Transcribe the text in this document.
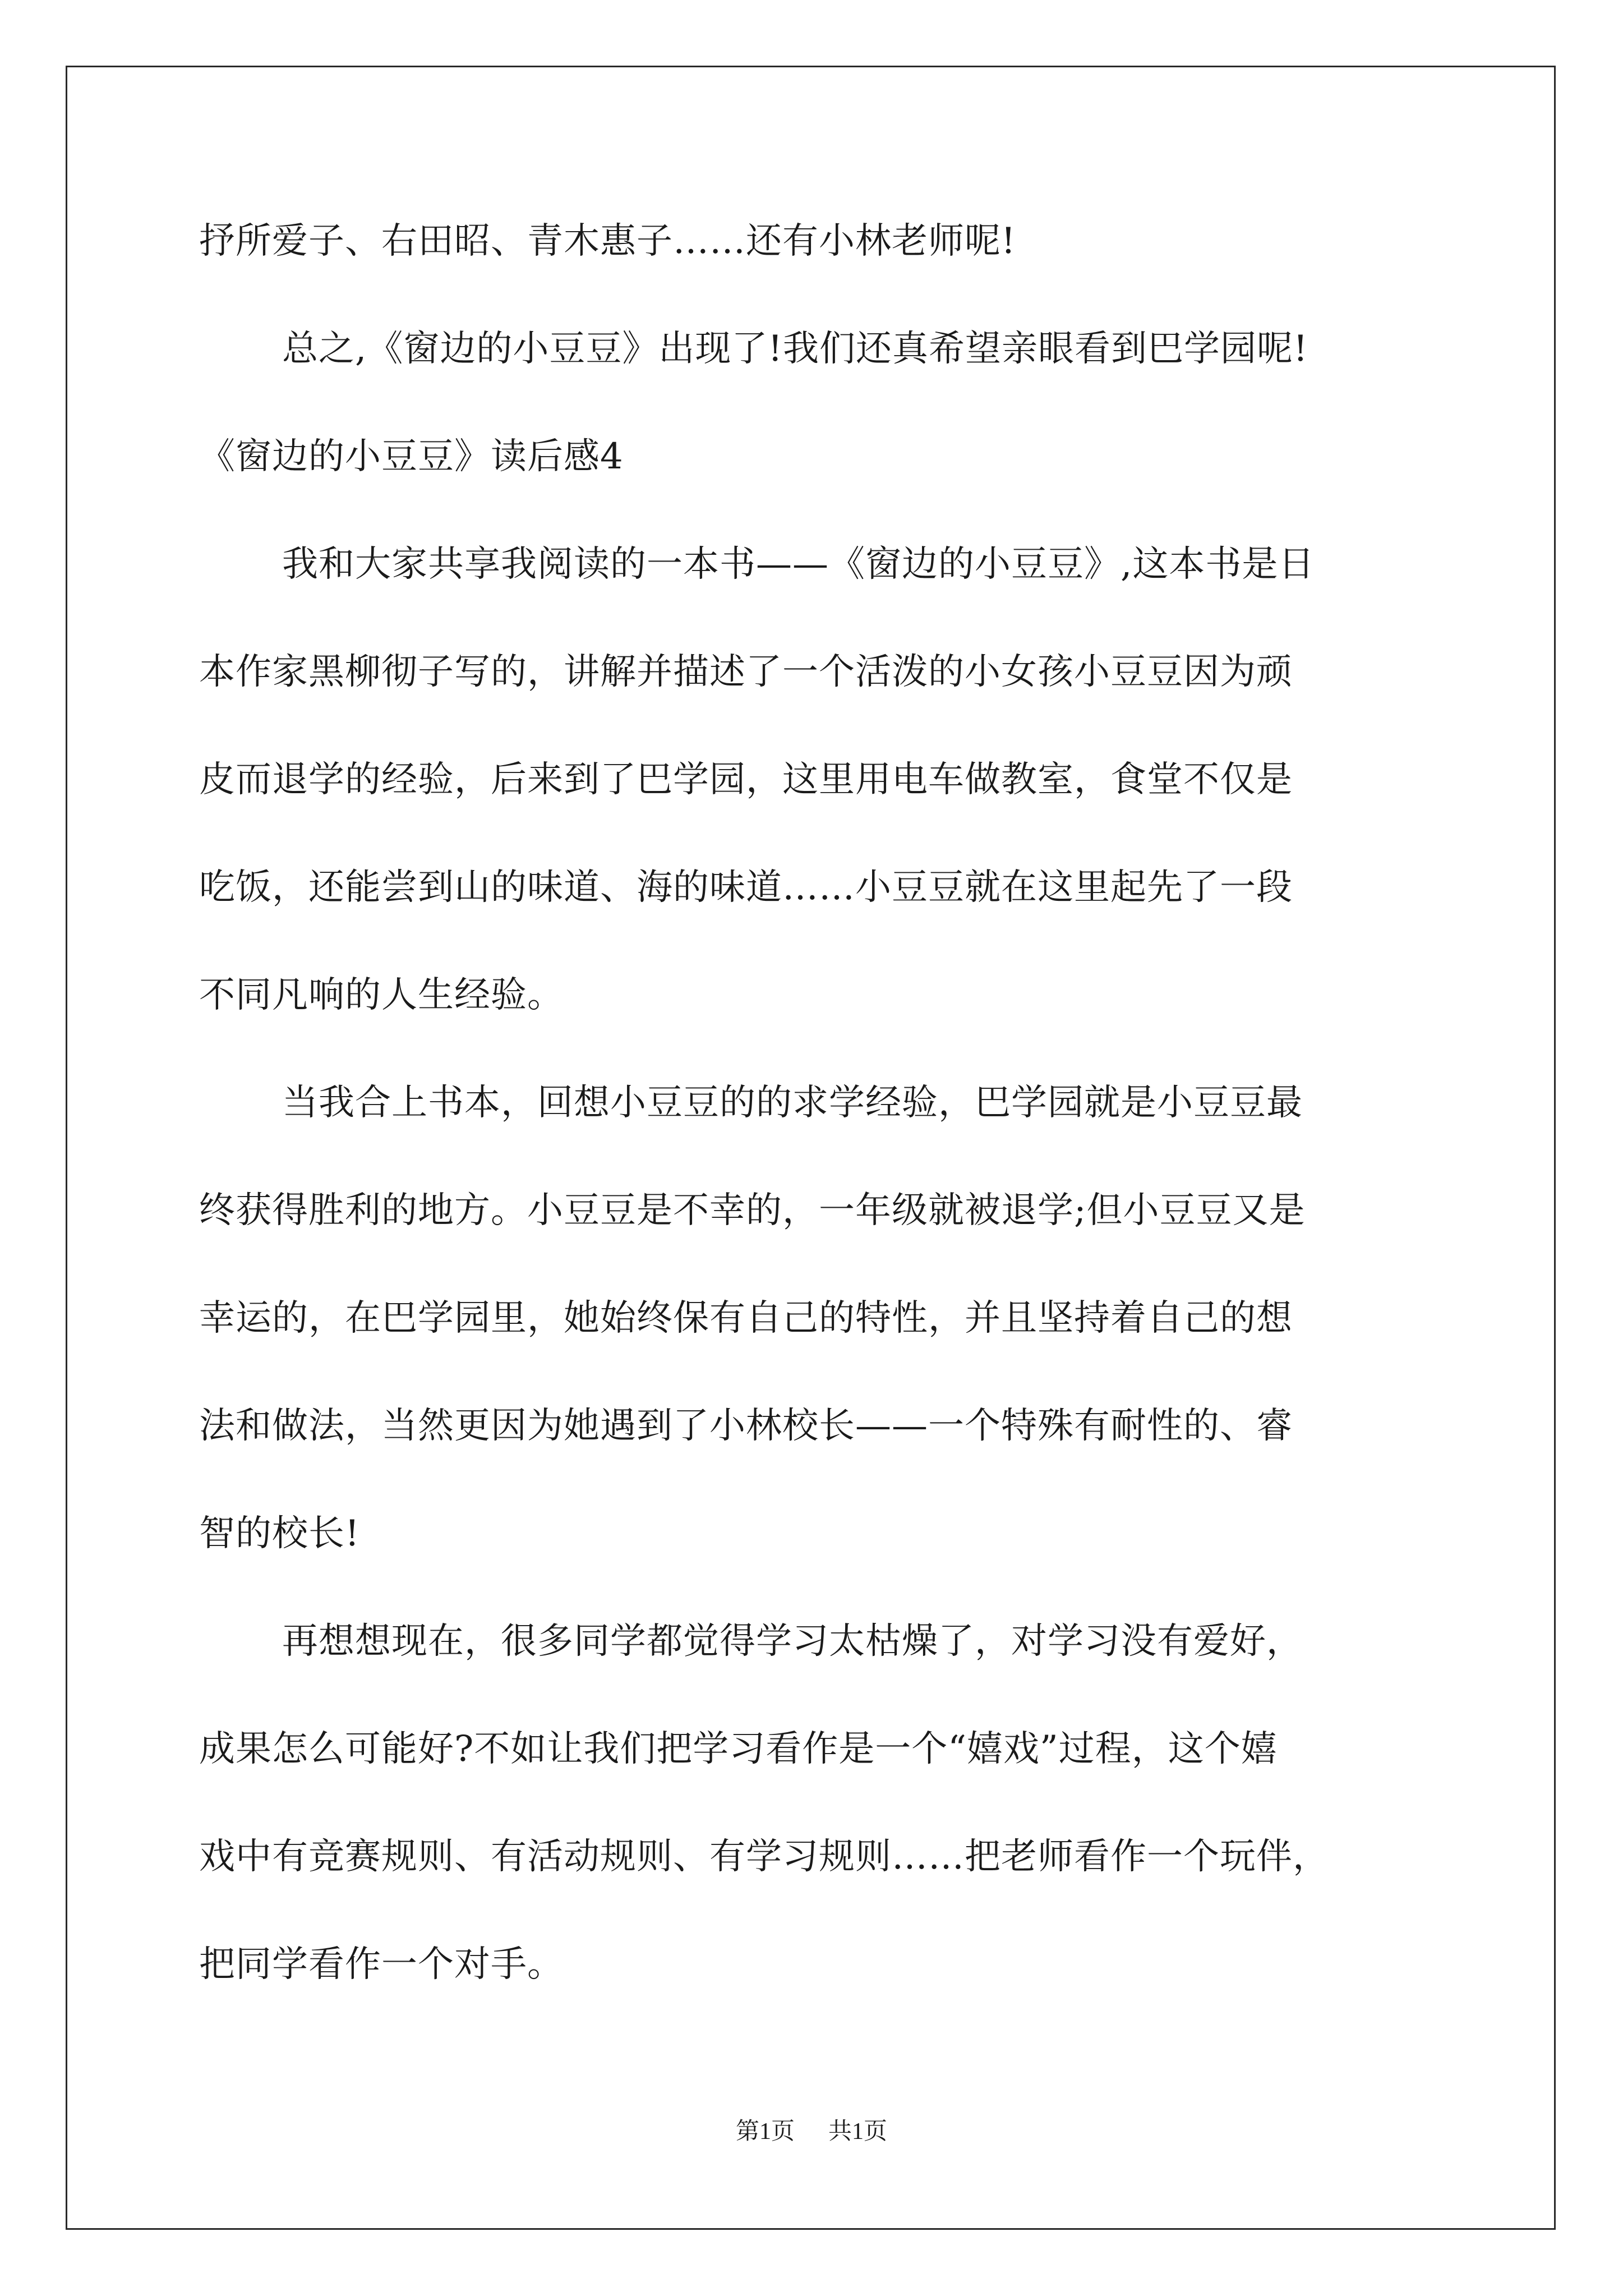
抒所爱子、右田昭、青木惠子……还有小林老师呢!
总之,《窗边的小豆豆》出现了!我们还真希望亲眼看到巴学园呢!
《窗边的小豆豆》读后感4
我和大家共享我阅读的一本书——《窗边的小豆豆》,这本书是日
本作家黑柳彻子写的，讲解并描述了一个活泼的小女孩小豆豆因为顽
皮而退学的经验，后来到了巴学园，这里用电车做教室，食堂不仅是
吃饭，还能尝到山的味道、海的味道……小豆豆就在这里起先了一段
不同凡响的人生经验。
当我合上书本，回想小豆豆的的求学经验，巴学园就是小豆豆最
终获得胜利的地方。小豆豆是不幸的，一年级就被退学;但小豆豆又是
幸运的，在巴学园里，她始终保有自己的特性，并且坚持着自己的想
法和做法，当然更因为她遇到了小林校长——一个特殊有耐性的、睿
智的校长!
再想想现在，很多同学都觉得学习太枯燥了，对学习没有爱好，
成果怎么可能好?不如让我们把学习看作是一个“嬉戏”过程，这个嬉
戏中有竞赛规则、有活动规则、有学习规则……把老师看作一个玩伴，
把同学看作一个对手。
第1页 共1页
